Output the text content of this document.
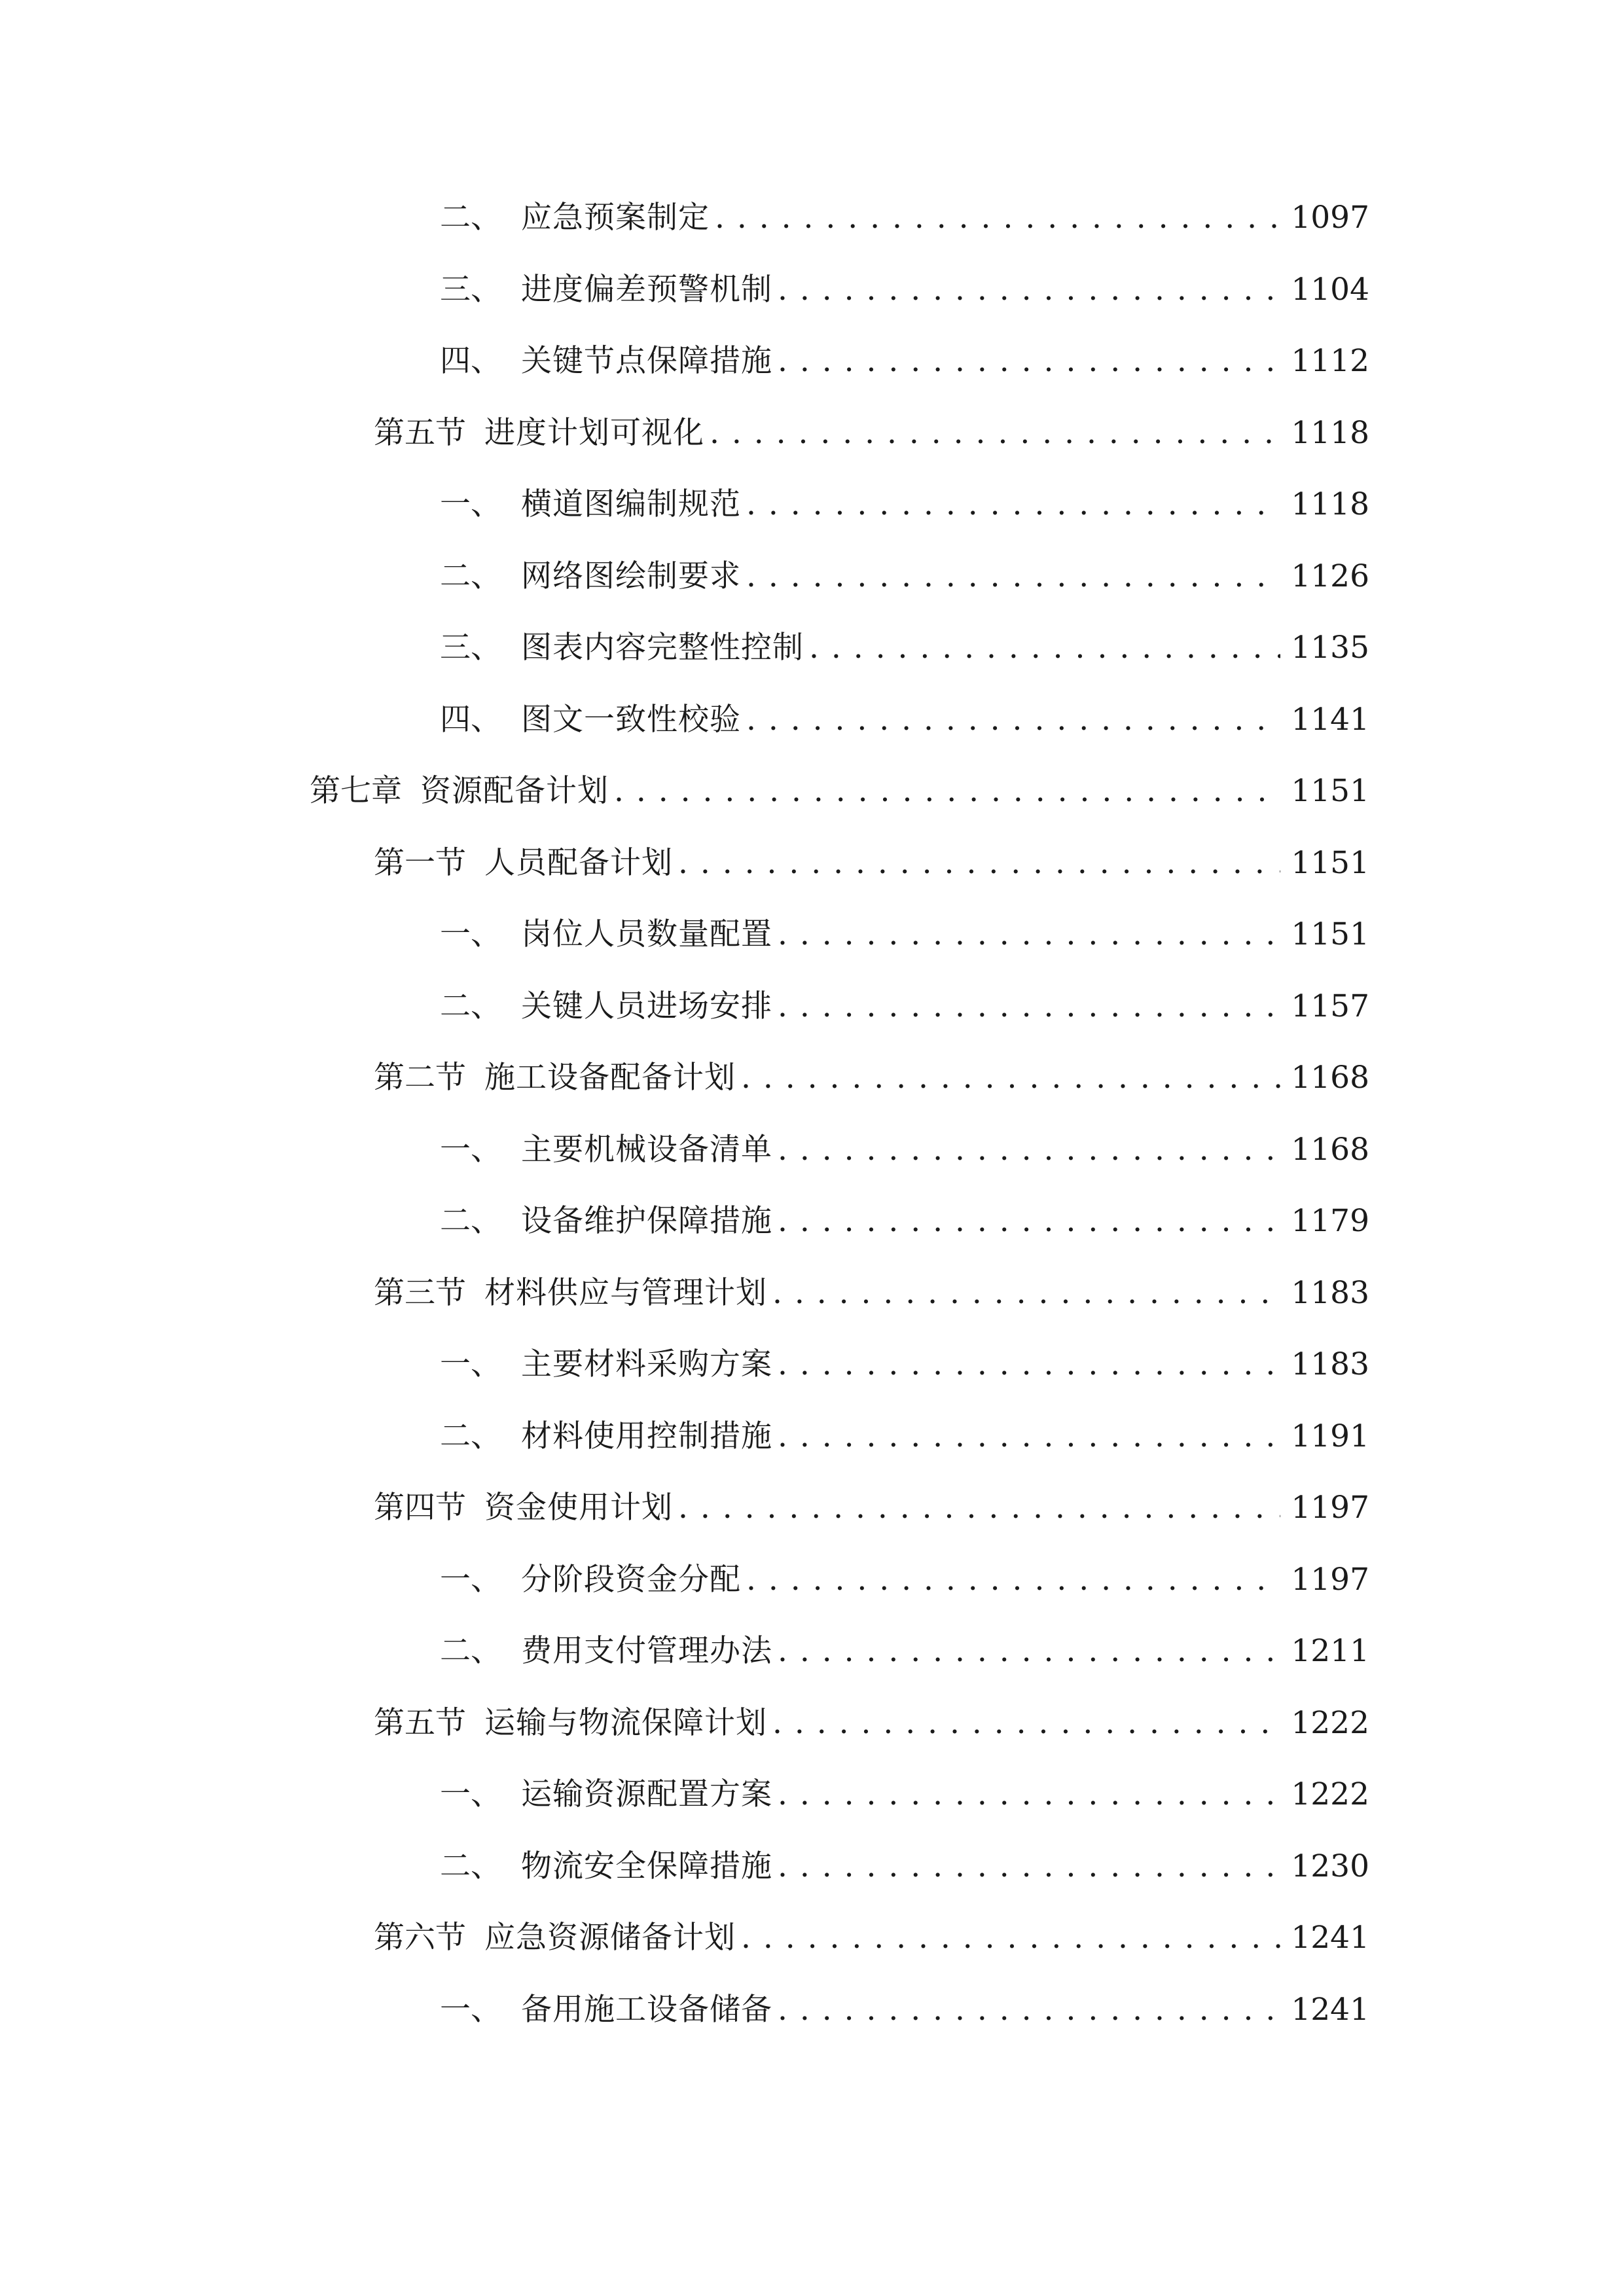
二、 应急预案制定 . . .	1097
三、 进度偏差预警机制 . . .	1104
四、 关键节点保障措施 . . .	1112
第五节 进度计划可视化 . . .	1118
一、 横道图编制规范 . . .	1118
二、 网络图绘制要求 . . .	1126
三、 图表内容完整性控制 . . .	1135
四、 图文一致性校验 . . .	1141
第七章 资源配备计划 . . .	1151
第一节 人员配备计划 . . .	1151
一、 岗位人员数量配置 . . .	1151
二、 关键人员进场安排 . . .	1157
第二节 施工设备配备计划 . . .	1168
一、 主要机械设备清单 . . .	1168
二、 设备维护保障措施 . . .	1179
第三节 材料供应与管理计划 . . .	1183
一、 主要材料采购方案 . . .	1183
二、 材料使用控制措施 . . .	1191
第四节 资金使用计划 . . .	1197
一、 分阶段资金分配 . . .	1197
二、 费用支付管理办法 . . .	1211
第五节 运输与物流保障计划 . . .	1222
一、 运输资源配置方案 . . .	1222
二、 物流安全保障措施 . . .	1230
第六节 应急资源储备计划 . . .	1241
一、 备用施工设备储备 . . .	1241
